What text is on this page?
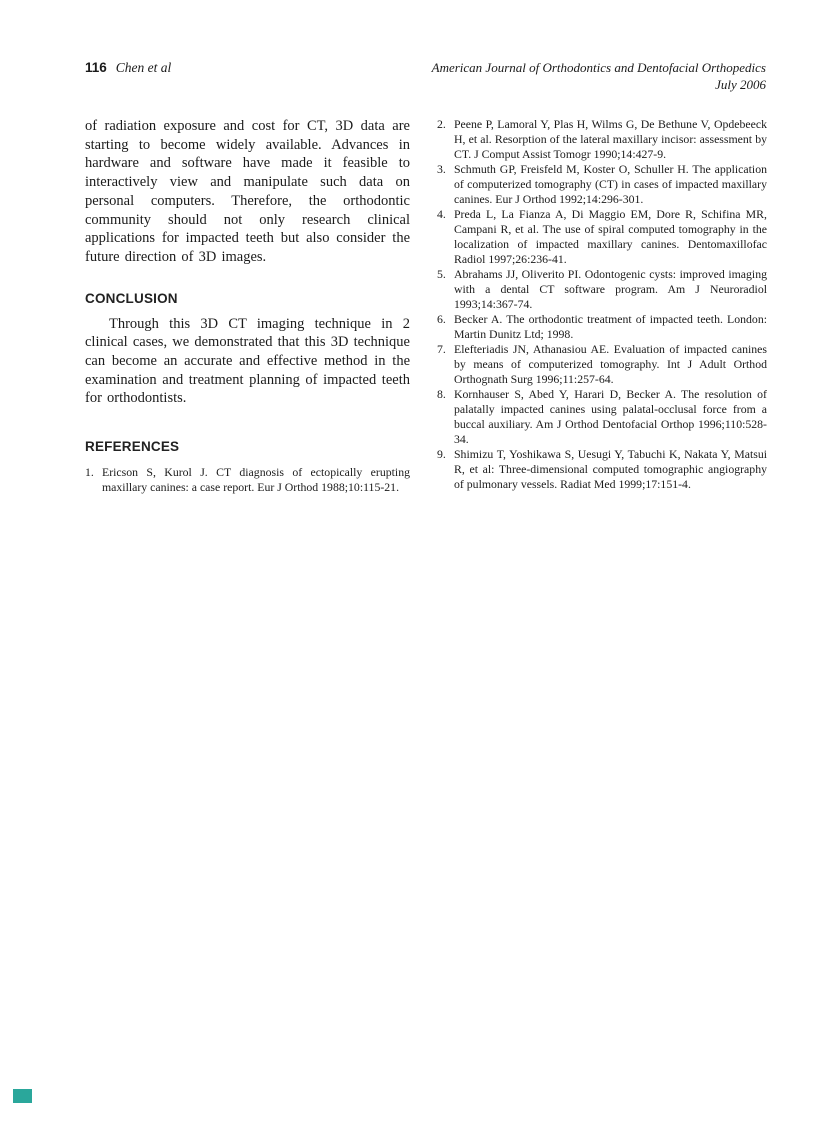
116 Chen et al	American Journal of Orthodontics and Dentofacial Orthopedics
July 2006

of radiation exposure and cost for CT, 3D data are starting to become widely available. Advances in hardware and software have made it feasible to interactively view and manipulate such data on personal computers. Therefore, the orthodontic community should not only research clinical applications for impacted teeth but also consider the future direction of 3D images.

CONCLUSION

Through this 3D CT imaging technique in 2 clinical cases, we demonstrated that this 3D technique can become an accurate and effective method in the examination and treatment planning of impacted teeth for orthodontists.

REFERENCES
1. Ericson S, Kurol J. CT diagnosis of ectopically erupting maxillary canines: a case report. Eur J Orthod 1988;10:115-21.
2. Peene P, Lamoral Y, Plas H, Wilms G, De Bethune V, Opdebeeck H, et al. Resorption of the lateral maxillary incisor: assessment by CT. J Comput Assist Tomogr 1990;14:427-9.
3. Schmuth GP, Freisfeld M, Koster O, Schuller H. The application of computerized tomography (CT) in cases of impacted maxillary canines. Eur J Orthod 1992;14:296-301.
4. Preda L, La Fianza A, Di Maggio EM, Dore R, Schifina MR, Campani R, et al. The use of spiral computed tomography in the localization of impacted maxillary canines. Dentomaxillofac Radiol 1997;26:236-41.
5. Abrahams JJ, Oliverito PI. Odontogenic cysts: improved imaging with a dental CT software program. Am J Neuroradiol 1993;14:367-74.
6. Becker A. The orthodontic treatment of impacted teeth. London: Martin Dunitz Ltd; 1998.
7. Elefteriadis JN, Athanasiou AE. Evaluation of impacted canines by means of computerized tomography. Int J Adult Orthod Orthognath Surg 1996;11:257-64.
8. Kornhauser S, Abed Y, Harari D, Becker A. The resolution of palatally impacted canines using palatal-occlusal force from a buccal auxiliary. Am J Orthod Dentofacial Orthop 1996;110:528-34.
9. Shimizu T, Yoshikawa S, Uesugi Y, Tabuchi K, Nakata Y, Matsui R, et al: Three-dimensional computed tomographic angiography of pulmonary vessels. Radiat Med 1999;17:151-4.
